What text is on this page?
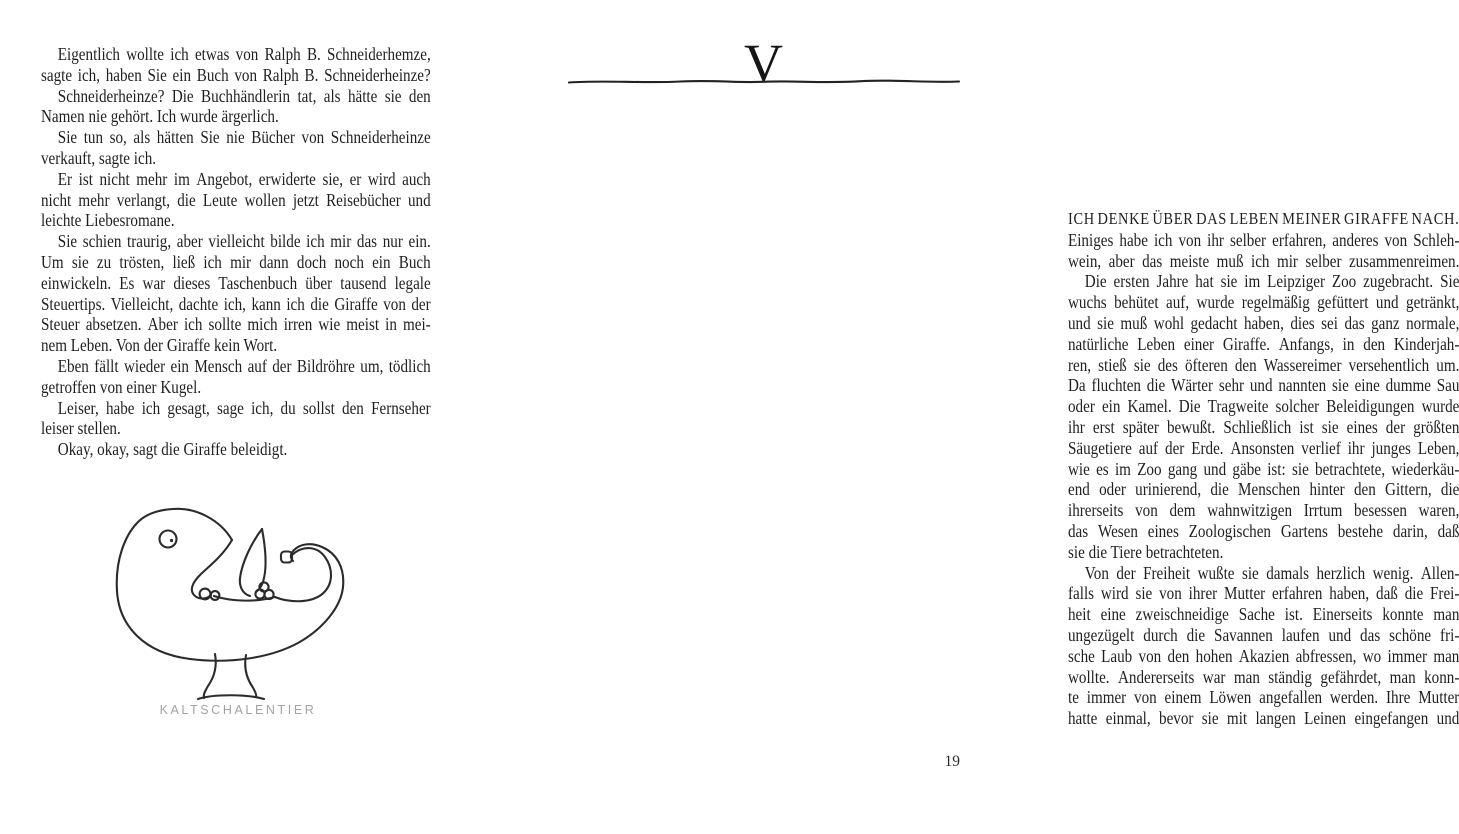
Eigentlich wollte ich etwas von Ralph B. Schneiderhemze,
sagte ich, haben Sie ein Buch von Ralph B. Schneiderheinze?
Schneiderheinze? Die Buchhändlerin tat, als hätte sie den
Namen nie gehört. Ich wurde ärgerlich.
Sie tun so, als hätten Sie nie Bücher von Schneiderheinze
verkauft, sagte ich.
Er ist nicht mehr im Angebot, erwiderte sie, er wird auch
nicht mehr verlangt, die Leute wollen jetzt Reisebücher und
leichte Liebesromane.
Sie schien traurig, aber vielleicht bilde ich mir das nur ein.
Um sie zu trösten, ließ ich mir dann doch noch ein Buch
einwickeln. Es war dieses Taschenbuch über tausend legale
Steuertips. Vielleicht, dachte ich, kann ich die Giraffe von der
Steuer absetzen. Aber ich sollte mich irren wie meist in mei-
nem Leben. Von der Giraffe kein Wort.
Eben fällt wieder ein Mensch auf der Bildröhre um, tödlich
getroffen von einer Kugel.
Leiser, habe ich gesagt, sage ich, du sollst den Fernseher
leiser stellen.
Okay, okay, sagt die Giraffe beleidigt.
KALTSCHALENTIER
V
ICH DENKE ÜBER DAS LEBEN MEINER GIRAFFE NACH.
Einiges habe ich von ihr selber erfahren, anderes von Schleh-
wein, aber das meiste muß ich mir selber zusammenreimen.
Die ersten Jahre hat sie im Leipziger Zoo zugebracht. Sie
wuchs behütet auf, wurde regelmäßig gefüttert und getränkt,
und sie muß wohl gedacht haben, dies sei das ganz normale,
natürliche Leben einer Giraffe. Anfangs, in den Kinderjah-
ren, stieß sie des öfteren den Wassereimer versehentlich um.
Da fluchten die Wärter sehr und nannten sie eine dumme Sau
oder ein Kamel. Die Tragweite solcher Beleidigungen wurde
ihr erst später bewußt. Schließlich ist sie eines der größten
Säugetiere auf der Erde. Ansonsten verlief ihr junges Leben,
wie es im Zoo gang und gäbe ist: sie betrachtete, wiederkäu-
end oder urinierend, die Menschen hinter den Gittern, die
ihrerseits von dem wahnwitzigen Irrtum besessen waren,
das Wesen eines Zoologischen Gartens bestehe darin, daß
sie die Tiere betrachteten.
Von der Freiheit wußte sie damals herzlich wenig. Allen-
falls wird sie von ihrer Mutter erfahren haben, daß die Frei-
heit eine zweischneidige Sache ist. Einerseits konnte man
ungezügelt durch die Savannen laufen und das schöne fri-
sche Laub von den hohen Akazien abfressen, wo immer man
wollte. Andererseits war man ständig gefährdet, man konn-
te immer von einem Löwen angefallen werden. Ihre Mutter
hatte einmal, bevor sie mit langen Leinen eingefangen und
19
